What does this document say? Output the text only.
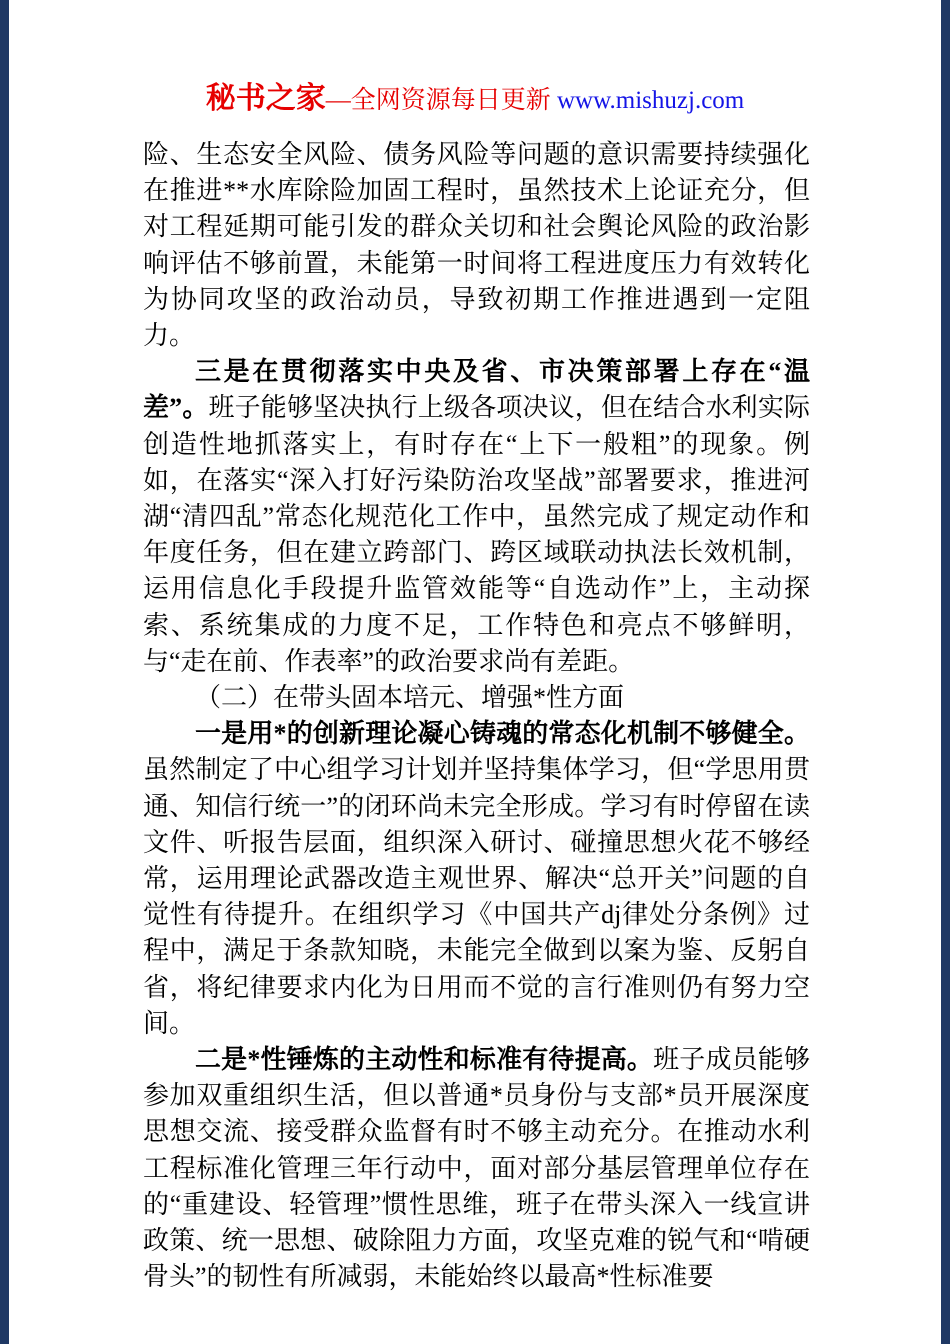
秘书之家—全网资源每日更新 www.mishuzj.com

险、生态安全风险、债务风险等问题的意识需要持续强化在推进**水库除险加固工程时，虽然技术上论证充分，但对工程延期可能引发的群众关切和社会舆论风险的政治影响评估不够前置，未能第一时间将工程进度压力有效转化为协同攻坚的政治动员，导致初期工作推进遇到一定阻力。

三是在贯彻落实中央及省、市决策部署上存在“温差”。班子能够坚决执行上级各项决议，但在结合水利实际创造性地抓落实上，有时存在“上下一般粗”的现象。例如，在落实“深入打好污染防治攻坚战”部署要求，推进河湖“清四乱”常态化规范化工作中，虽然完成了规定动作和年度任务，但在建立跨部门、跨区域联动执法长效机制，运用信息化手段提升监管效能等“自选动作”上，主动探索、系统集成的力度不足，工作特色和亮点不够鲜明，与“走在前、作表率”的政治要求尚有差距。

（二）在带头固本培元、增强*性方面

一是用*的创新理论凝心铸魂的常态化机制不够健全。虽然制定了中心组学习计划并坚持集体学习，但“学思用贯通、知信行统一”的闭环尚未完全形成。学习有时停留在读文件、听报告层面，组织深入研讨、碰撞思想火花不够经常，运用理论武器改造主观世界、解决“总开关”问题的自觉性有待提升。在组织学习《中国共产dj律处分条例》过程中，满足于条款知晓，未能完全做到以案为鉴、反躬自省，将纪律要求内化为日用而不觉的言行准则仍有努力空间。

二是*性锤炼的主动性和标准有待提高。班子成员能够参加双重组织生活，但以普通*员身份与支部*员开展深度思想交流、接受群众监督有时不够主动充分。在推动水利工程标准化管理三年行动中，面对部分基层管理单位存在的“重建设、轻管理”惯性思维，班子在带头深入一线宣讲政策、统一思想、破除阻力方面，攻坚克难的锐气和“啃硬骨头”的韧性有所减弱，未能始终以最高*性标准要
